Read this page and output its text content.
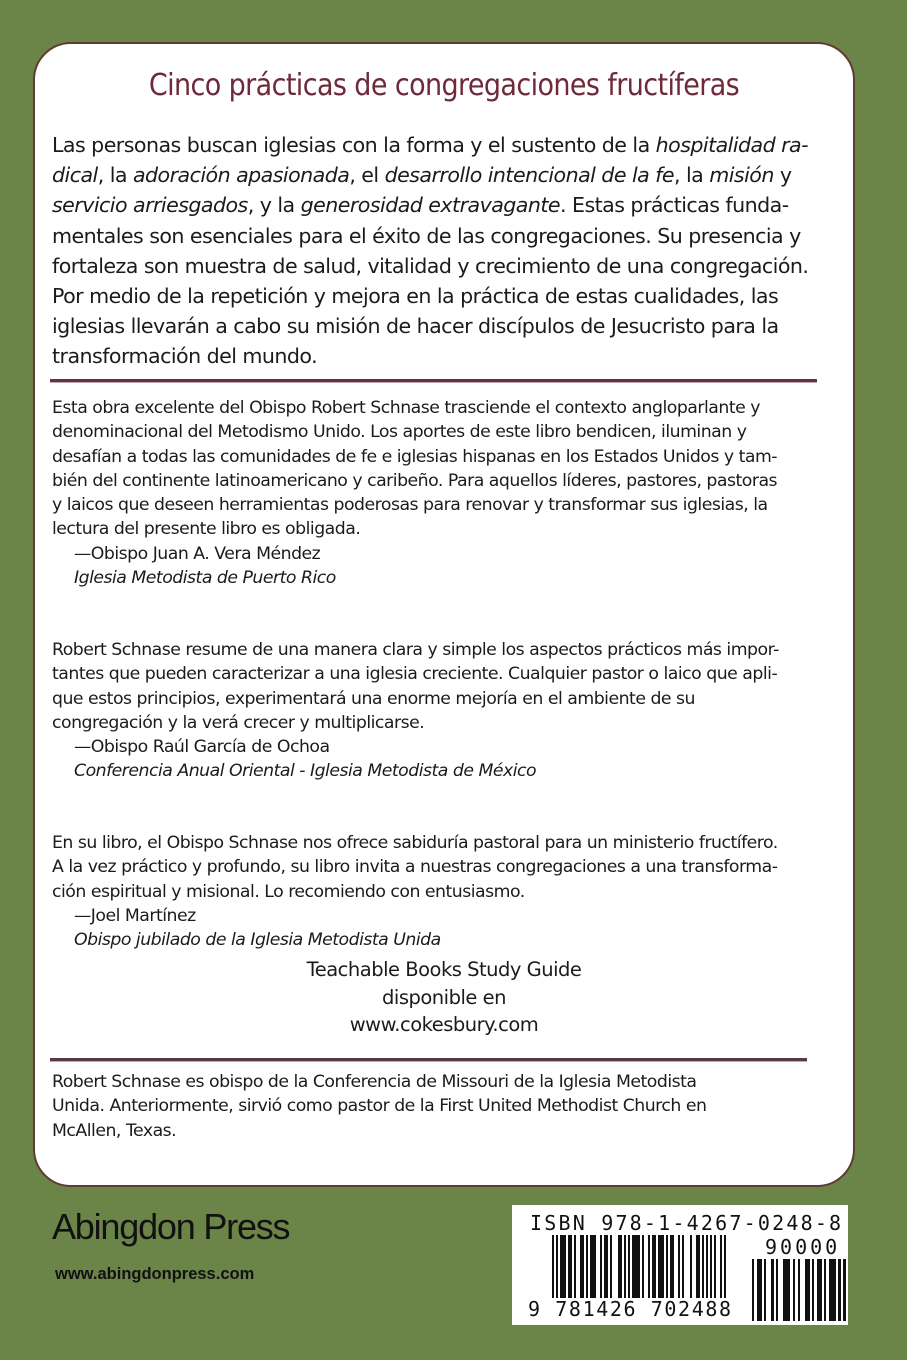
Cinco prácticas de congregaciones fructíferas
Las personas buscan iglesias con la forma y el sustento de la hospitalidad ra-
dical, la adoración apasionada, el desarrollo intencional de la fe, la misión y
servicio arriesgados, y la generosidad extravagante. Estas prácticas funda-
mentales son esenciales para el éxito de las congregaciones. Su presencia y
fortaleza son muestra de salud, vitalidad y crecimiento de una congregación.
Por medio de la repetición y mejora en la práctica de estas cualidades, las
iglesias llevarán a cabo su misión de hacer discípulos de Jesucristo para la
transformación del mundo.
Esta obra excelente del Obispo Robert Schnase trasciende el contexto angloparlante y
denominacional del Metodismo Unido. Los aportes de este libro bendicen, iluminan y
desafían a todas las comunidades de fe e iglesias hispanas en los Estados Unidos y tam-
bién del continente latinoamericano y caribeño. Para aquellos líderes, pastores, pastoras
y laicos que deseen herramientas poderosas para renovar y transformar sus iglesias, la
lectura del presente libro es obligada.
—Obispo Juan A. Vera Méndez
Iglesia Metodista de Puerto Rico
Robert Schnase resume de una manera clara y simple los aspectos prácticos más impor-
tantes que pueden caracterizar a una iglesia creciente. Cualquier pastor o laico que apli-
que estos principios, experimentará una enorme mejoría en el ambiente de su
congregación y la verá crecer y multiplicarse.
—Obispo Raúl García de Ochoa
Conferencia Anual Oriental - Iglesia Metodista de México
En su libro, el Obispo Schnase nos ofrece sabiduría pastoral para un ministerio fructífero.
A la vez práctico y profundo, su libro invita a nuestras congregaciones a una transforma-
ción espiritual y misional. Lo recomiendo con entusiasmo.
—Joel Martínez
Obispo jubilado de la Iglesia Metodista Unida
Teachable Books Study Guide
disponible en
www.cokesbury.com
Robert Schnase es obispo de la Conferencia de Missouri de la Iglesia Metodista
Unida. Anteriormente, sirvió como pastor de la First United Methodist Church en
McAllen, Texas.
Abingdon Press
www.abingdonpress.com
ISBN 978-1-4267-0248-8
90000
9 781426 702488
